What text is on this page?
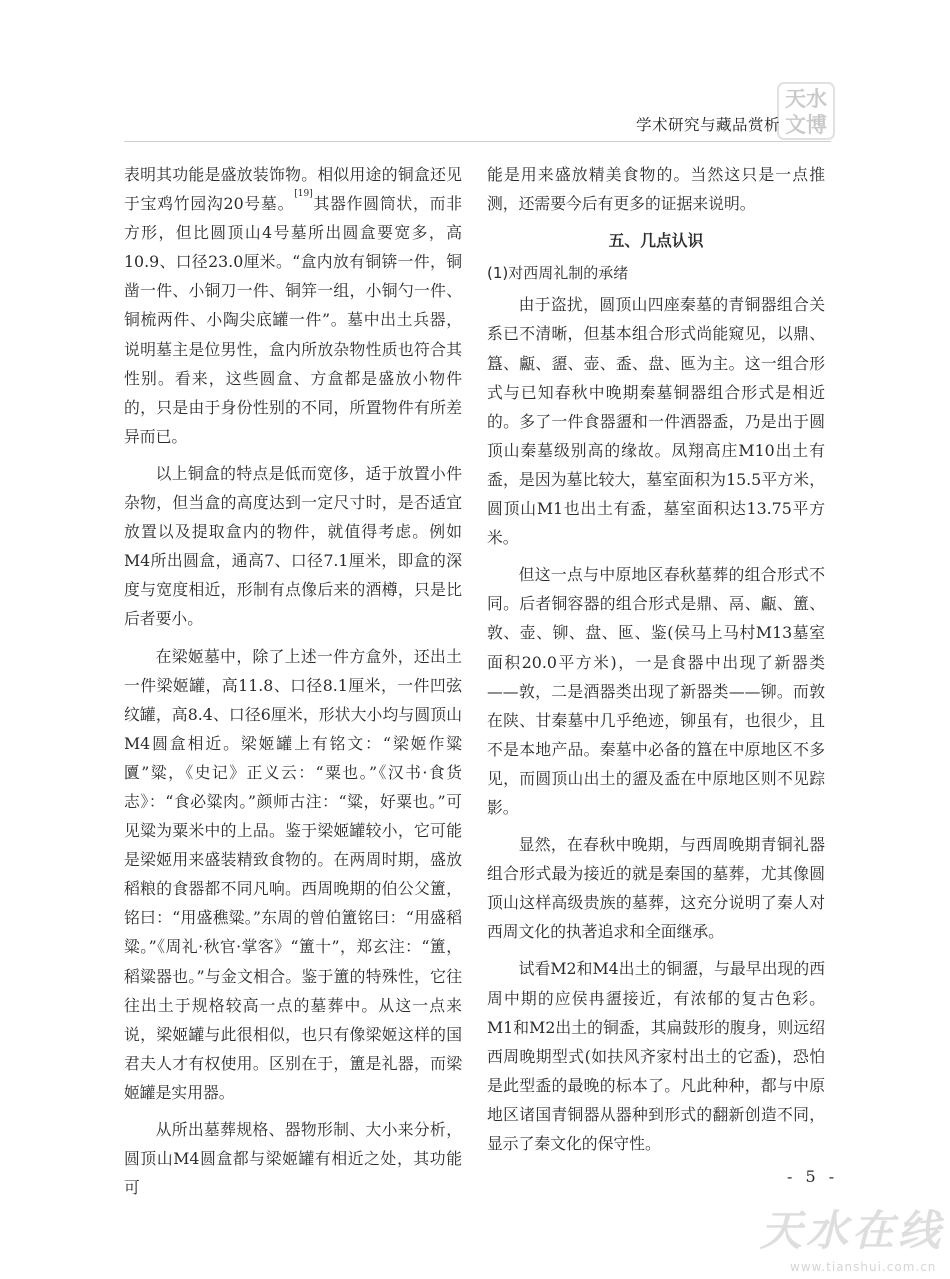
天水文博
学术研究与藏品赏析

表明其功能是盛放装饰物。相似用途的铜盒还见于宝鸡竹园沟20号墓。[19]其器作圆筒状，而非方形，但比圆顶山4号墓所出圆盒要宽多，高10.9、口径23.0厘米。“盒内放有铜锛一件，铜凿一件、小铜刀一件、铜笄一组，小铜勺一件、铜梳两件、小陶尖底罐一件”。墓中出土兵器，说明墓主是位男性，盒内所放杂物性质也符合其性别。看来，这些圆盒、方盒都是盛放小物件的，只是由于身份性别的不同，所置物件有所差异而已。

以上铜盒的特点是低而宽侈，适于放置小件杂物，但当盒的高度达到一定尺寸时，是否适宜放置以及提取盒内的物件，就值得考虑。例如M4所出圆盒，通高7、口径7.1厘米，即盒的深度与宽度相近，形制有点像后来的酒樽，只是比后者要小。

在梁姬墓中，除了上述一件方盒外，还出土一件梁姬罐，高11.8、口径8.1厘米，一件凹弦纹罐，高8.4、口径6厘米，形状大小均与圆顶山M4圆盒相近。梁姬罐上有铭文：“梁姬作粱匵”粱，《史记》正义云：“粟也。”《汉书·食货志》：“食必粱肉。”颜师古注：“粱，好粟也。”可见粱为粟米中的上品。鉴于梁姬罐较小，它可能是梁姬用来盛装精致食物的。在两周时期，盛放稻粮的食器都不同凡响。西周晚期的伯公父簠，铭曰：“用盛穛粱。”东周的曾伯簠铭曰：“用盛稻粱。”《周礼·秋官·掌客》“簠十”，郑玄注：“簠，稻粱器也。”与金文相合。鉴于簠的特殊性，它往往出土于规格较高一点的墓葬中。从这一点来说，梁姬罐与此很相似，也只有像梁姬这样的国君夫人才有权使用。区别在于，簠是礼器，而梁姬罐是实用器。

从所出墓葬规格、器物形制、大小来分析，圆顶山M4圆盒都与梁姬罐有相近之处，其功能可

能是用来盛放精美食物的。当然这只是一点推测，还需要今后有更多的证据来说明。

五、几点认识

(1)对西周礼制的承绪

由于盗扰，圆顶山四座秦墓的青铜器组合关系已不清晰，但基本组合形式尚能窥见，以鼎、簋、甗、盨、壶、盉、盘、匜为主。这一组合形式与已知春秋中晚期秦墓铜器组合形式是相近的。多了一件食器盨和一件酒器盉，乃是出于圆顶山秦墓级别高的缘故。凤翔高庄M10出土有盉，是因为墓比较大，墓室面积为15.5平方米，圆顶山M1也出土有盉，墓室面积达13.75平方米。

但这一点与中原地区春秋墓葬的组合形式不同。后者铜容器的组合形式是鼎、鬲、甗、簠、敦、壶、铆、盘、匜、鉴(侯马上马村M13墓室面积20.0平方米)，一是食器中出现了新器类——敦，二是酒器类出现了新器类——铆。而敦在陕、甘秦墓中几乎绝迹，铆虽有，也很少，且不是本地产品。秦墓中必备的簋在中原地区不多见，而圆顶山出土的盨及盉在中原地区则不见踪影。

显然，在春秋中晚期，与西周晚期青铜礼器组合形式最为接近的就是秦国的墓葬，尤其像圆顶山这样高级贵族的墓葬，这充分说明了秦人对西周文化的执著追求和全面继承。

试看M2和M4出土的铜盨，与最早出现的西周中期的应侯冉盨接近，有浓郁的复古色彩。M1和M2出土的铜盉，其扁鼓形的腹身，则远绍西周晚期型式(如扶风齐家村出土的它盉)，恐怕是此型盉的最晚的标本了。凡此种种，都与中原地区诸国青铜器从器种到形式的翻新创造不同，显示了秦文化的保守性。

- 5 -
天水在线
www.tianshui.com.cn
